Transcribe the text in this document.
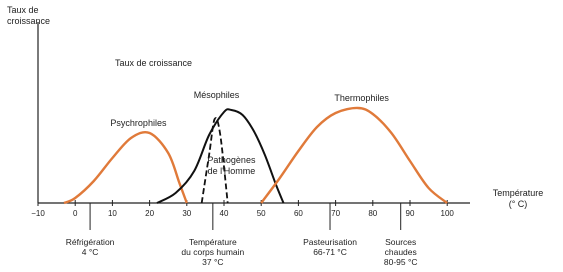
Taux de croissance
Température (° C)
Taux de croissance
−10	0	10	20	30	40	50	60	70	80	90	100
Psychrophiles
Mésophiles
Pathogènes de l'Homme
Thermophiles
Réfrigération 4 °C
Température du corps humain 37 °C
Pasteurisation 66-71 °C
Sources chaudes 80-95 °C
